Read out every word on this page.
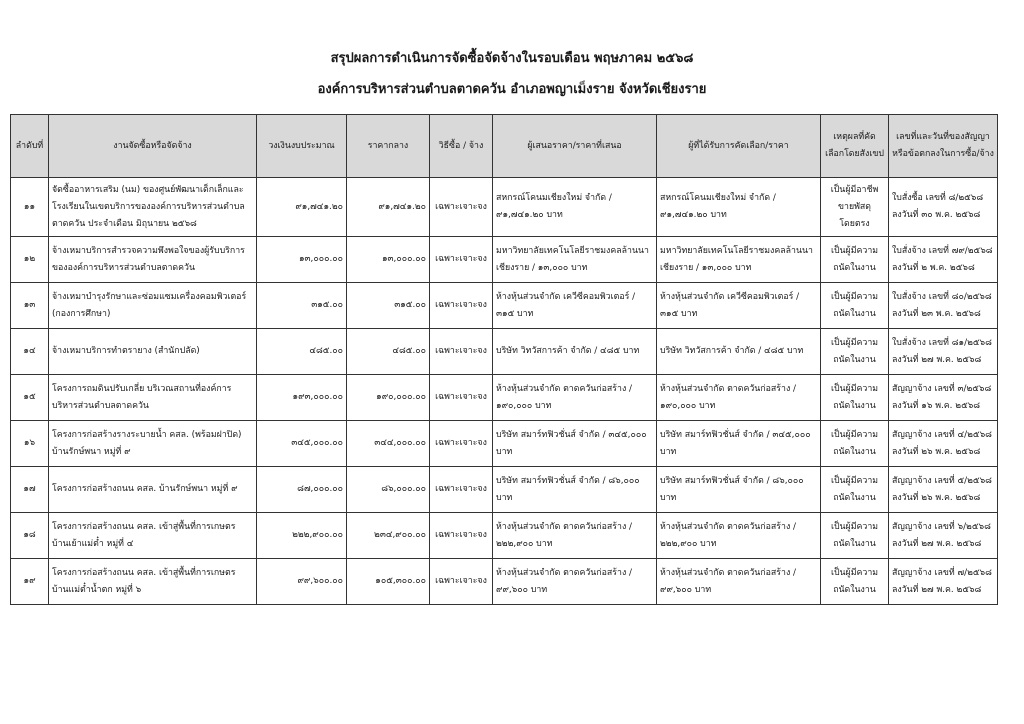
สรุปผลการดำเนินการจัดซื้อจัดจ้างในรอบเดือน พฤษภาคม ๒๕๖๘
องค์การบริหารส่วนตำบลตาดควัน อำเภอพญาเม็งราย จังหวัดเชียงราย
ลำดับที่	งานจัดซื้อหรือจัดจ้าง	วงเงินงบประมาณ	ราคากลาง	วิธีซื้อ / จ้าง	ผู้เสนอราคา/ราคาที่เสนอ	ผู้ที่ได้รับการคัดเลือก/ราคา	เหตุผลที่คัดเลือกโดยสังเขป	เลขที่และวันที่ของสัญญาหรือข้อตกลงในการซื้อ/จ้าง
๑๑	จัดซื้ออาหารเสริม (นม) ของศูนย์พัฒนาเด็กเล็กและโรงเรียนในเขตบริการขององค์การบริหารส่วนตำบลตาดควัน ประจำเดือน มิถุนายน ๒๕๖๘	๙๑,๗๔๑.๒๐	๙๑,๗๔๑.๒๐	เฉพาะเจาะจง	สหกรณ์โคนมเชียงใหม่ จำกัด / ๙๑,๗๔๑.๒๐ บาท	สหกรณ์โคนมเชียงใหม่ จำกัด / ๙๑,๗๔๑.๒๐ บาท	เป็นผู้มีอาชีพขายพัสดุโดยตรง	ใบสั่งซื้อ เลขที่ ๘/๒๕๖๘ ลงวันที่ ๓๐ พ.ค. ๒๕๖๘
๑๒	จ้างเหมาบริการสำรวจความพึงพอใจของผู้รับบริการขององค์การบริหารส่วนตำบลตาดควัน	๑๓,๐๐๐.๐๐	๑๓,๐๐๐.๐๐	เฉพาะเจาะจง	มหาวิทยาลัยเทคโนโลยีราชมงคลล้านนา เชียงราย / ๑๓,๐๐๐ บาท	มหาวิทยาลัยเทคโนโลยีราชมงคลล้านนา เชียงราย / ๑๓,๐๐๐ บาท	เป็นผู้มีความถนัดในงาน	ใบสั่งจ้าง เลขที่ ๗๙/๒๕๖๘ ลงวันที่ ๒ พ.ค. ๒๕๖๘
๑๓	จ้างเหมาบำรุงรักษาและซ่อมแซมเครื่องคอมพิวเตอร์ (กองการศึกษา)	๓๑๕.๐๐	๓๑๕.๐๐	เฉพาะเจาะจง	ห้างหุ้นส่วนจำกัด เควีซีคอมพิวเตอร์ / ๓๑๕ บาท	ห้างหุ้นส่วนจำกัด เควีซีคอมพิวเตอร์ / ๓๑๕ บาท	เป็นผู้มีความถนัดในงาน	ใบสั่งจ้าง เลขที่ ๘๐/๒๕๖๘ ลงวันที่ ๒๓ พ.ค. ๒๕๖๘
๑๔	จ้างเหมาบริการทำตรายาง (สำนักปลัด)	๔๘๕.๐๐	๔๘๕.๐๐	เฉพาะเจาะจง	บริษัท วิทวัสการค้า จำกัด / ๔๘๕ บาท	บริษัท วิทวัสการค้า จำกัด / ๔๘๕ บาท	เป็นผู้มีความถนัดในงาน	ใบสั่งจ้าง เลขที่ ๘๑/๒๕๖๘ ลงวันที่ ๒๗ พ.ค. ๒๕๖๘
๑๕	โครงการถมดินปรับเกลี่ย บริเวณสถานที่องค์การบริหารส่วนตำบลตาดควัน	๑๙๓,๐๐๐.๐๐	๑๙๐,๐๐๐.๐๐	เฉพาะเจาะจง	ห้างหุ้นส่วนจำกัด ตาดควันก่อสร้าง / ๑๙๐,๐๐๐ บาท	ห้างหุ้นส่วนจำกัด ตาดควันก่อสร้าง / ๑๙๐,๐๐๐ บาท	เป็นผู้มีความถนัดในงาน	สัญญาจ้าง เลขที่ ๓/๒๕๖๘ ลงวันที่ ๑๖ พ.ค. ๒๕๖๘
๑๖	โครงการก่อสร้างรางระบายน้ำ คสล. (พร้อมฝาปิด) บ้านรักษ์พนา หมู่ที่ ๙	๓๔๕,๐๐๐.๐๐	๓๔๔,๐๐๐.๐๐	เฉพาะเจาะจง	บริษัท สมาร์ทฟิวชั่นส์ จำกัด / ๓๔๕,๐๐๐ บาท	บริษัท สมาร์ทฟิวชั่นส์ จำกัด / ๓๔๕,๐๐๐ บาท	เป็นผู้มีความถนัดในงาน	สัญญาจ้าง เลขที่ ๔/๒๕๖๘ ลงวันที่ ๒๖ พ.ค. ๒๕๖๘
๑๗	โครงการก่อสร้างถนน คสล. บ้านรักษ์พนา หมู่ที่ ๙	๘๗,๐๐๐.๐๐	๘๖,๐๐๐.๐๐	เฉพาะเจาะจง	บริษัท สมาร์ทฟิวชั่นส์ จำกัด / ๘๖,๐๐๐ บาท	บริษัท สมาร์ทฟิวชั่นส์ จำกัด / ๘๖,๐๐๐ บาท	เป็นผู้มีความถนัดในงาน	สัญญาจ้าง เลขที่ ๕/๒๕๖๘ ลงวันที่ ๒๖ พ.ค. ๒๕๖๘
๑๘	โครงการก่อสร้างถนน คสล. เข้าสู่พื้นที่การเกษตร บ้านเย้าแม่ต๋ำ หมู่ที่ ๔	๒๒๒,๙๐๐.๐๐	๒๓๔,๙๐๐.๐๐	เฉพาะเจาะจง	ห้างหุ้นส่วนจำกัด ตาดควันก่อสร้าง / ๒๒๒,๙๐๐ บาท	ห้างหุ้นส่วนจำกัด ตาดควันก่อสร้าง / ๒๒๒,๙๐๐ บาท	เป็นผู้มีความถนัดในงาน	สัญญาจ้าง เลขที่ ๖/๒๕๖๘ ลงวันที่ ๒๗ พ.ค. ๒๕๖๘
๑๙	โครงการก่อสร้างถนน คสล. เข้าสู่พื้นที่การเกษตร บ้านแม่ต๋ำน้ำตก หมู่ที่ ๖	๙๙,๖๐๐.๐๐	๑๐๕,๓๐๐.๐๐	เฉพาะเจาะจง	ห้างหุ้นส่วนจำกัด ตาดควันก่อสร้าง / ๙๙,๖๐๐ บาท	ห้างหุ้นส่วนจำกัด ตาดควันก่อสร้าง / ๙๙,๖๐๐ บาท	เป็นผู้มีความถนัดในงาน	สัญญาจ้าง เลขที่ ๗/๒๕๖๘ ลงวันที่ ๒๗ พ.ค. ๒๕๖๘
